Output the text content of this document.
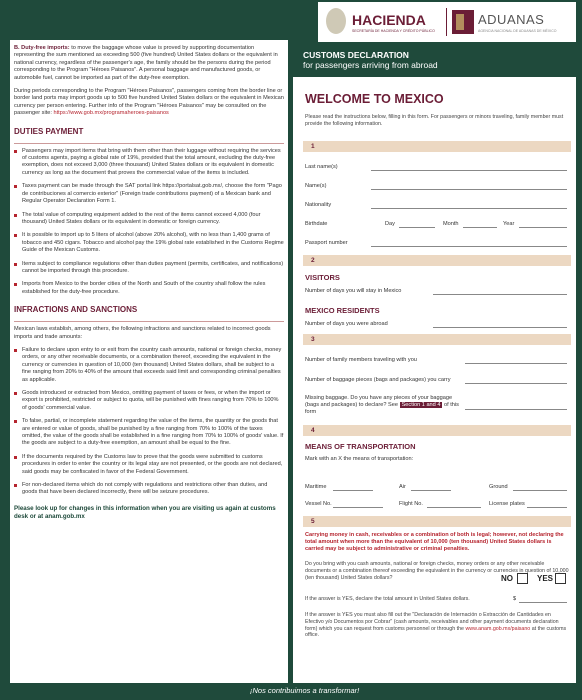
HACIENDA
SECRETARÍA DE HACIENDA Y CRÉDITO PÚBLICO
ADUANAS
AGENCIA NACIONAL DE ADUANAS DE MÉXICO
B. Duty-free imports: to move the baggage whose value is proved by supporting documentation representing the sum mentioned as exceeding 500 (five hundred) United States dollars or the equivalent in national currency, regardless of the passenger's age, the family should be the persons during the period corresponding to the Program "Héroes Paisanos". A personal baggage and manufactured goods, or automobile fuel, cannot be imported as part of the duty-free exemption.
During periods corresponding to the Program "Héroes Paisanos", passengers coming from the border line or border land ports may import goods up to 500 five hundred United States dollars or the equivalent in Mexican currency per person entering. Further info of the Program "Héroes Paisanos" may be consulted on the passenger site: https://www.gob.mx/programaheroes-paisanos
DUTIES PAYMENT
Passengers may import items that bring with them other than their luggage without requiring the services of customs agents, paying a global rate of 19%, provided that the total amount, excluding the duty-free exemption, does not exceed 3,000 (three thousand) United States dollars or its equivalent in domestic currency as long as the document that proves the commercial value of the items is included.
Taxes payment can be made through the SAT portal link https://portalsat.gob.mx/, choose the form "Pago de contribuciones al comercio exterior" (Foreign trade contributions payment) of a Mexican bank and Regular Operator Declaration Form 1.
The total value of computing equipment added to the rest of the items cannot exceed 4,000 (four thousand) United States dollars or its equivalent in domestic or foreign currency.
It is possible to import up to 5 liters of alcohol (above 20% alcohol), with no less than 1,400 grams of tobacco and 450 cigars. Tobacco and alcohol pay the 19% global rate established in the Customs Regime Guide of the Mexican Customs.
Items subject to compliance regulations other than duties payment (permits, certificates, and notifications) cannot be imported through this procedure.
Imports from Mexico to the border cities of the North and South of the country shall follow the rules established for the duty-free procedure.
INFRACTIONS AND SANCTIONS
Mexican laws establish, among others, the following infractions and sanctions related to incorrect goods imports and trade amounts:
Failure to declare upon entry to or exit from the country cash amounts, national or foreign checks, money orders, or any other receivable documents, or a combination thereof, exceeding the equivalent in the currency or currencies in question of 10,000 (ten thousand) United States dollars, shall be subject to a fine ranging from 20% to 40% of the amount that exceeds said limit and corresponding criminal penalties as applicable.
Goods introduced or extracted from Mexico, omitting payment of taxes or fees, or when the import or export is prohibited, restricted or subject to quota, will be punished with fines ranging from 70% to 100% of goods' commercial value.
To false, partial, or incomplete statement regarding the value of the items, the quantity or the goods that are entered or value of goods, shall be punished by a fine ranging from 70% to 100% of the taxes omitted, the value of the goods shall be established in a fine ranging from 70% to 100% of goods' value. If the goods are subject to a duty-free exemption, an amount shall be equal to the fine.
If the documents required by the Customs law to prove that the goods were submitted to customs procedures in order to enter the country or its legal stay are not presented, or the goods are not declared, said goods may be confiscated in favor of the Federal Government.
For non-declared items which do not comply with regulations and restrictions other than duties, and goods that have been declared incorrectly, there will be seizure procedures.
Please look up for changes in this information when you are visiting us again at customs desk or at anam.gob.mx
CUSTOMS DECLARATION
for passengers arriving from abroad
WELCOME TO MEXICO
Please read the instructions below, filling in this form. For passengers or minors traveling, family member must provide the following information.
1
Last name(s)
Name(s)
Nationality
Birthdate	Day	Month	Year
Passport number
2
VISITORS
Number of days you will stay in Mexico
MEXICO RESIDENTS
Number of days you were abroad
3
Number of family members traveling with you
Number of baggage pieces (bags and packages) you carry
Missing baggage. Do you have any pieces of your baggage (bags and packages) to declare? See Section 1 and 4 of this form
4
MEANS OF TRANSPORTATION
Mark with an X the means of transportation:
Maritime	Air	Ground
Vessel No.	Flight No.	License plates
5
Carrying money in cash, receivables or a combination of both is legal; however, not declaring the total amount when more than the equivalent of 10,000 (ten thousand) United States dollars is carried may be subject to administrative or criminal penalties.
Do you bring with you cash amounts, national or foreign checks, money orders or any other receivable documents or a combination thereof exceeding the equivalent in the currency or currencies in question of 10,000 (ten thousand) United States dollars?	NO	YES
If the answer is YES, declare the total amount in United States dollars.	$
If the answer is YES you must also fill out the "Declaración de Internación o Extracción de Cantidades en Efectivo y/o Documentos por Cobrar" (cash amounts, receivables and other payment documents declaration form) which you can request from customs personnel or through the www.anam.gob.mx/paisano at the customs office.
¡Nos contribuimos a transformar!
